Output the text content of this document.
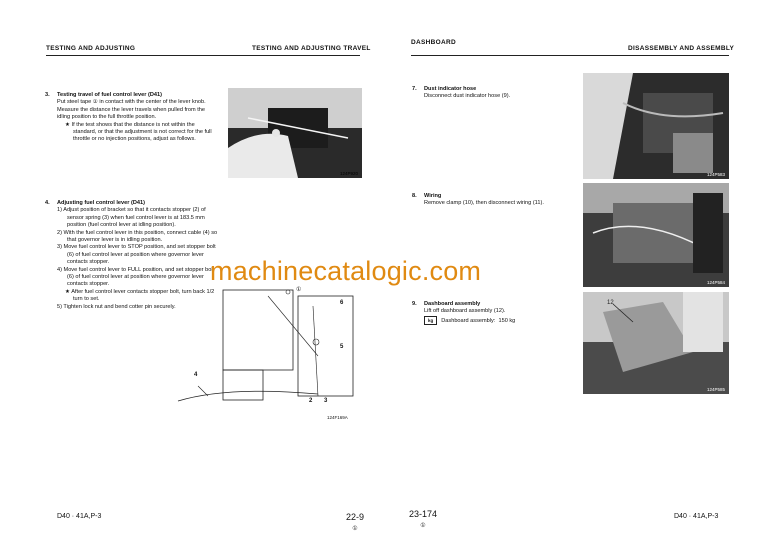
TESTING AND ADJUSTING	TESTING AND ADJUSTING TRAVEL
DASHBOARD
DISASSEMBLY AND ASSEMBLY
3. Testing travel of fuel control lever (D41)
Put steel tape ① in contact with the center of the lever knob. Measure the distance the lever travels when pulled from the idling position to the full throttle position.
★ If the test shows that the distance is not within the standard, or that the adjustment is not correct for the full throttle or no injection positions, adjust as follows.
124P920
4. Adjusting fuel control lever (D41)
1) Adjust position of bracket so that it contacts stopper (2) of sensor spring (3) when fuel control lever is at 183.5 mm position (fuel control lever at idling position).
2) With the fuel control lever in this position, connect cable (4) so that governor lever is in idling position.
3) Move fuel control lever to STOP position, and set stopper bolt (6) of fuel control lever at position where governor lever contacts stopper.
4) Move fuel control lever to FULL position, and set stopper bolt (6) of fuel control lever at position where governor lever contacts stopper.
★ After fuel control lever contacts stopper bolt, turn back 1/2 turn to set.
5) Tighten lock nut and bend cotter pin securely.
①
6
5
4
2 3
124F169A
7. Dust indicator hose
Disconnect dust indicator hose (9).
8. Wiring
Remove clamp (10), then disconnect wiring (11).
9. Dashboard assembly
Lift off dashboard assembly (12).
kg Dashboard assembly: 150 kg
124P583
124P584
12
124P585
machinecatalogic.com
D40 · 41A,P-3	22-9
①
23-174
①
D40 · 41A,P-3
